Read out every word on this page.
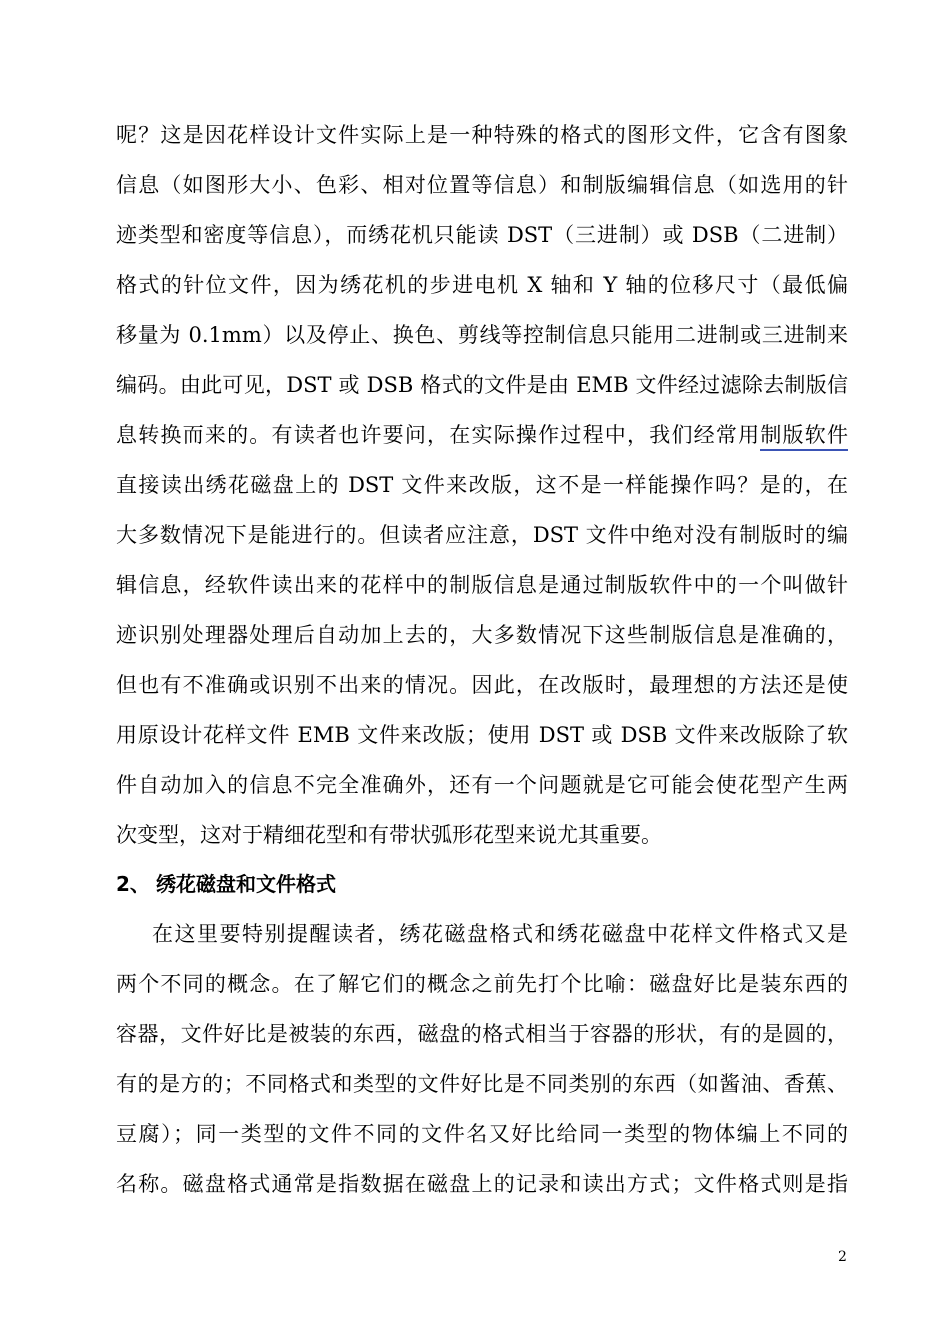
呢？这是因花样设计文件实际上是一种特殊的格式的图形文件，它含有图象
信息（如图形大小、色彩、相对位置等信息）和制版编辑信息（如选用的针
迹类型和密度等信息），而绣花机只能读 DST（三进制）或 DSB（二进制）
格式的针位文件，因为绣花机的步进电机 X 轴和 Y 轴的位移尺寸（最低偏
移量为 0.1mm）以及停止、换色、剪线等控制信息只能用二进制或三进制来
编码。由此可见，DST 或 DSB 格式的文件是由 EMB 文件经过滤除去制版信
息转换而来的。有读者也许要问，在实际操作过程中，我们经常用制版软件
直接读出绣花磁盘上的 DST 文件来改版，这不是一样能操作吗？是的，在
大多数情况下是能进行的。但读者应注意，DST 文件中绝对没有制版时的编
辑信息，经软件读出来的花样中的制版信息是通过制版软件中的一个叫做针
迹识别处理器处理后自动加上去的，大多数情况下这些制版信息是准确的，
但也有不准确或识别不出来的情况。因此，在改版时，最理想的方法还是使
用原设计花样文件 EMB 文件来改版；使用 DST 或 DSB 文件来改版除了软
件自动加入的信息不完全准确外，还有一个问题就是它可能会使花型产生两
次变型，这对于精细花型和有带状弧形花型来说尤其重要。
2、 绣花磁盘和文件格式
在这里要特别提醒读者，绣花磁盘格式和绣花磁盘中花样文件格式又是
两个不同的概念。在了解它们的概念之前先打个比喻：磁盘好比是装东西的
容器，文件好比是被装的东西，磁盘的格式相当于容器的形状，有的是圆的，
有的是方的；不同格式和类型的文件好比是不同类别的东西（如酱油、香蕉、
豆腐）；同一类型的文件不同的文件名又好比给同一类型的物体编上不同的
名称。磁盘格式通常是指数据在磁盘上的记录和读出方式；文件格式则是指
2
